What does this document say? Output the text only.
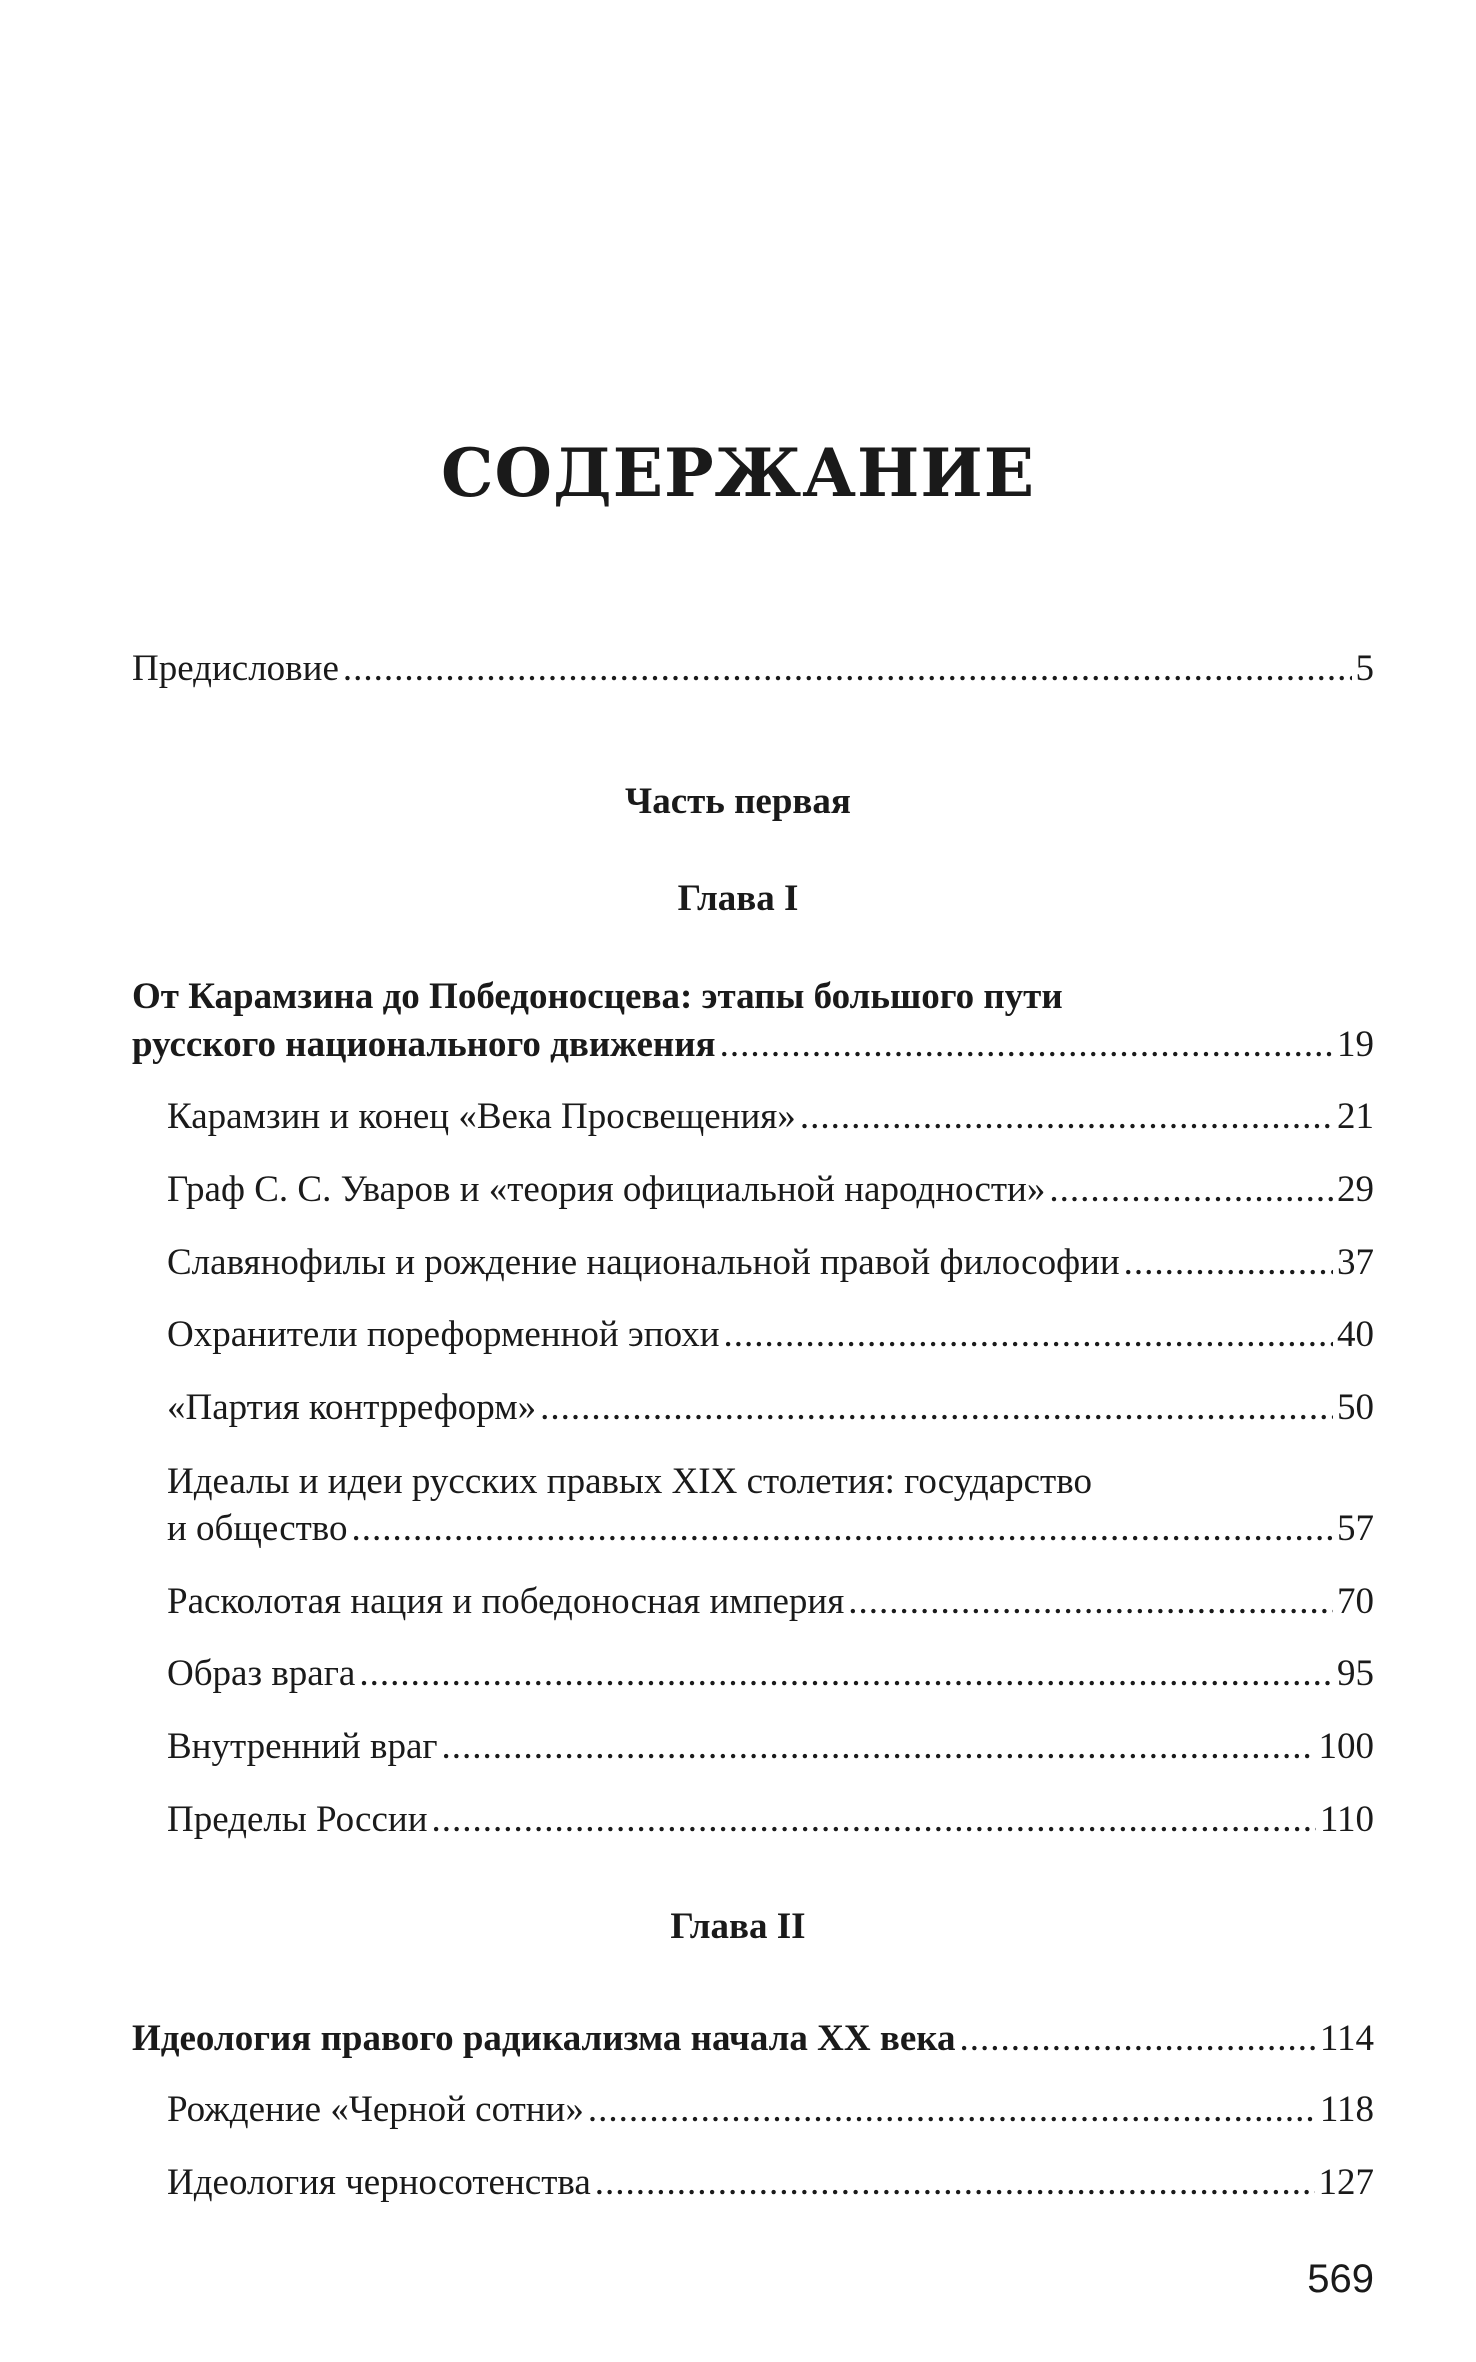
СОДЕРЖАНИЕ
Предисловие .....	5
Часть первая
Глава I
От Карамзина до Победоносцева: этапы большого пути
русского национального движения .....	19
Карамзин и конец «Века Просвещения» .....	21
Граф С. С. Уваров и «теория официальной народности» .....	29
Славянофилы и рождение национальной правой философии .....	37
Охранители пореформенной эпохи .....	40
«Партия контрреформ» .....	50
Идеалы и идеи русских правых XIX столетия: государство
и общество .....	57
Расколотая нация и победоносная империя .....	70
Образ врага .....	95
Внутренний враг .....	100
Пределы России .....	110
Глава II
Идеология правого радикализма начала XX века .....	114
Рождение «Черной сотни» .....	118
Идеология черносотенства .....	127
569
